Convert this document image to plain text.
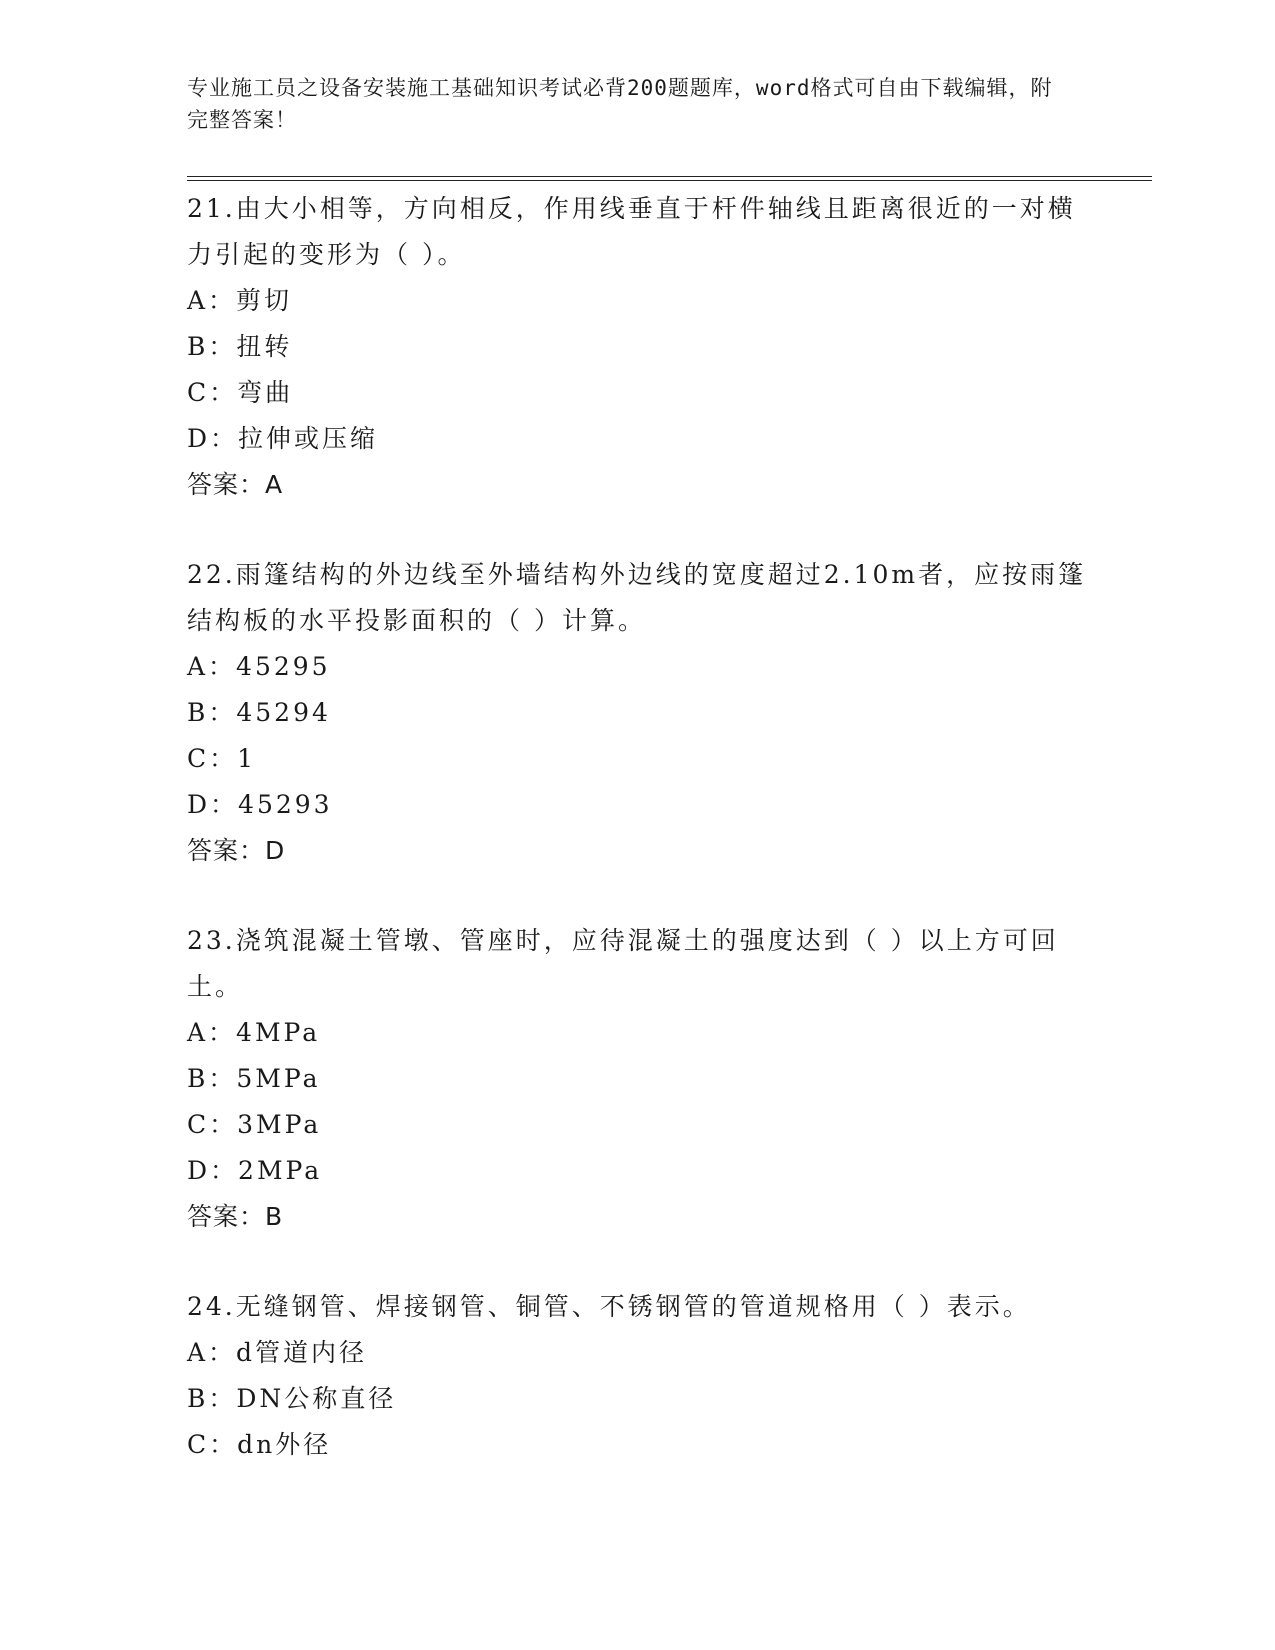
专业施工员之设备安装施工基础知识考试必背200题题库，word格式可自由下载编辑，附完整答案！
21.由大小相等，方向相反，作用线垂直于杆件轴线且距离很近的一对横力引起的变形为（ ）。
A：剪切
B：扭转
C：弯曲
D：拉伸或压缩
答案：A
22.雨篷结构的外边线至外墙结构外边线的宽度超过2.10m者，应按雨篷结构板的水平投影面积的（ ）计算。
A：45295
B：45294
C：1
D：45293
答案：D
23.浇筑混凝土管墩、管座时，应待混凝土的强度达到（ ）以上方可回土。
A：4MPa
B：5MPa
C：3MPa
D：2MPa
答案：B
24.无缝钢管、焊接钢管、铜管、不锈钢管的管道规格用（ ）表示。
A：d管道内径
B：DN公称直径
C：dn外径
